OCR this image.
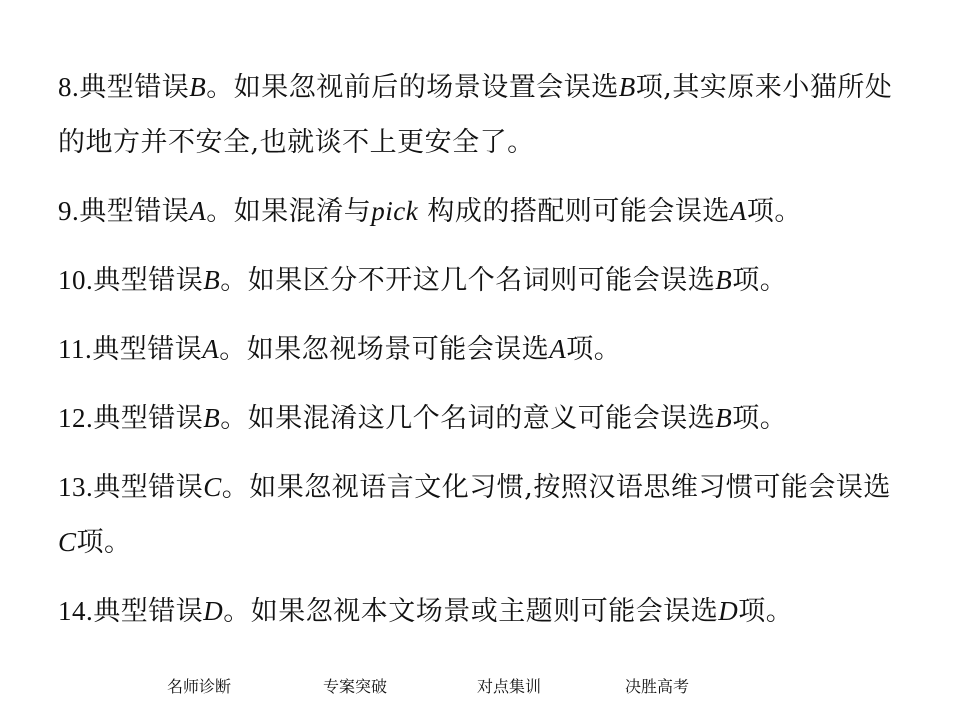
8.典型错误B。如果忽视前后的场景设置会误选B项,其实原来小猫所处的地方并不安全,也就谈不上更安全了。
9.典型错误A。如果混淆与pick 构成的搭配则可能会误选A项。
10.典型错误B。如果区分不开这几个名词则可能会误选B项。
11.典型错误A。如果忽视场景可能会误选A项。
12.典型错误B。如果混淆这几个名词的意义可能会误选B项。
13.典型错误C。如果忽视语言文化习惯,按照汉语思维习惯可能会误选C项。
14.典型错误D。如果忽视本文场景或主题则可能会误选D项。
名师诊断	专案突破	对点集训	决胜高考
